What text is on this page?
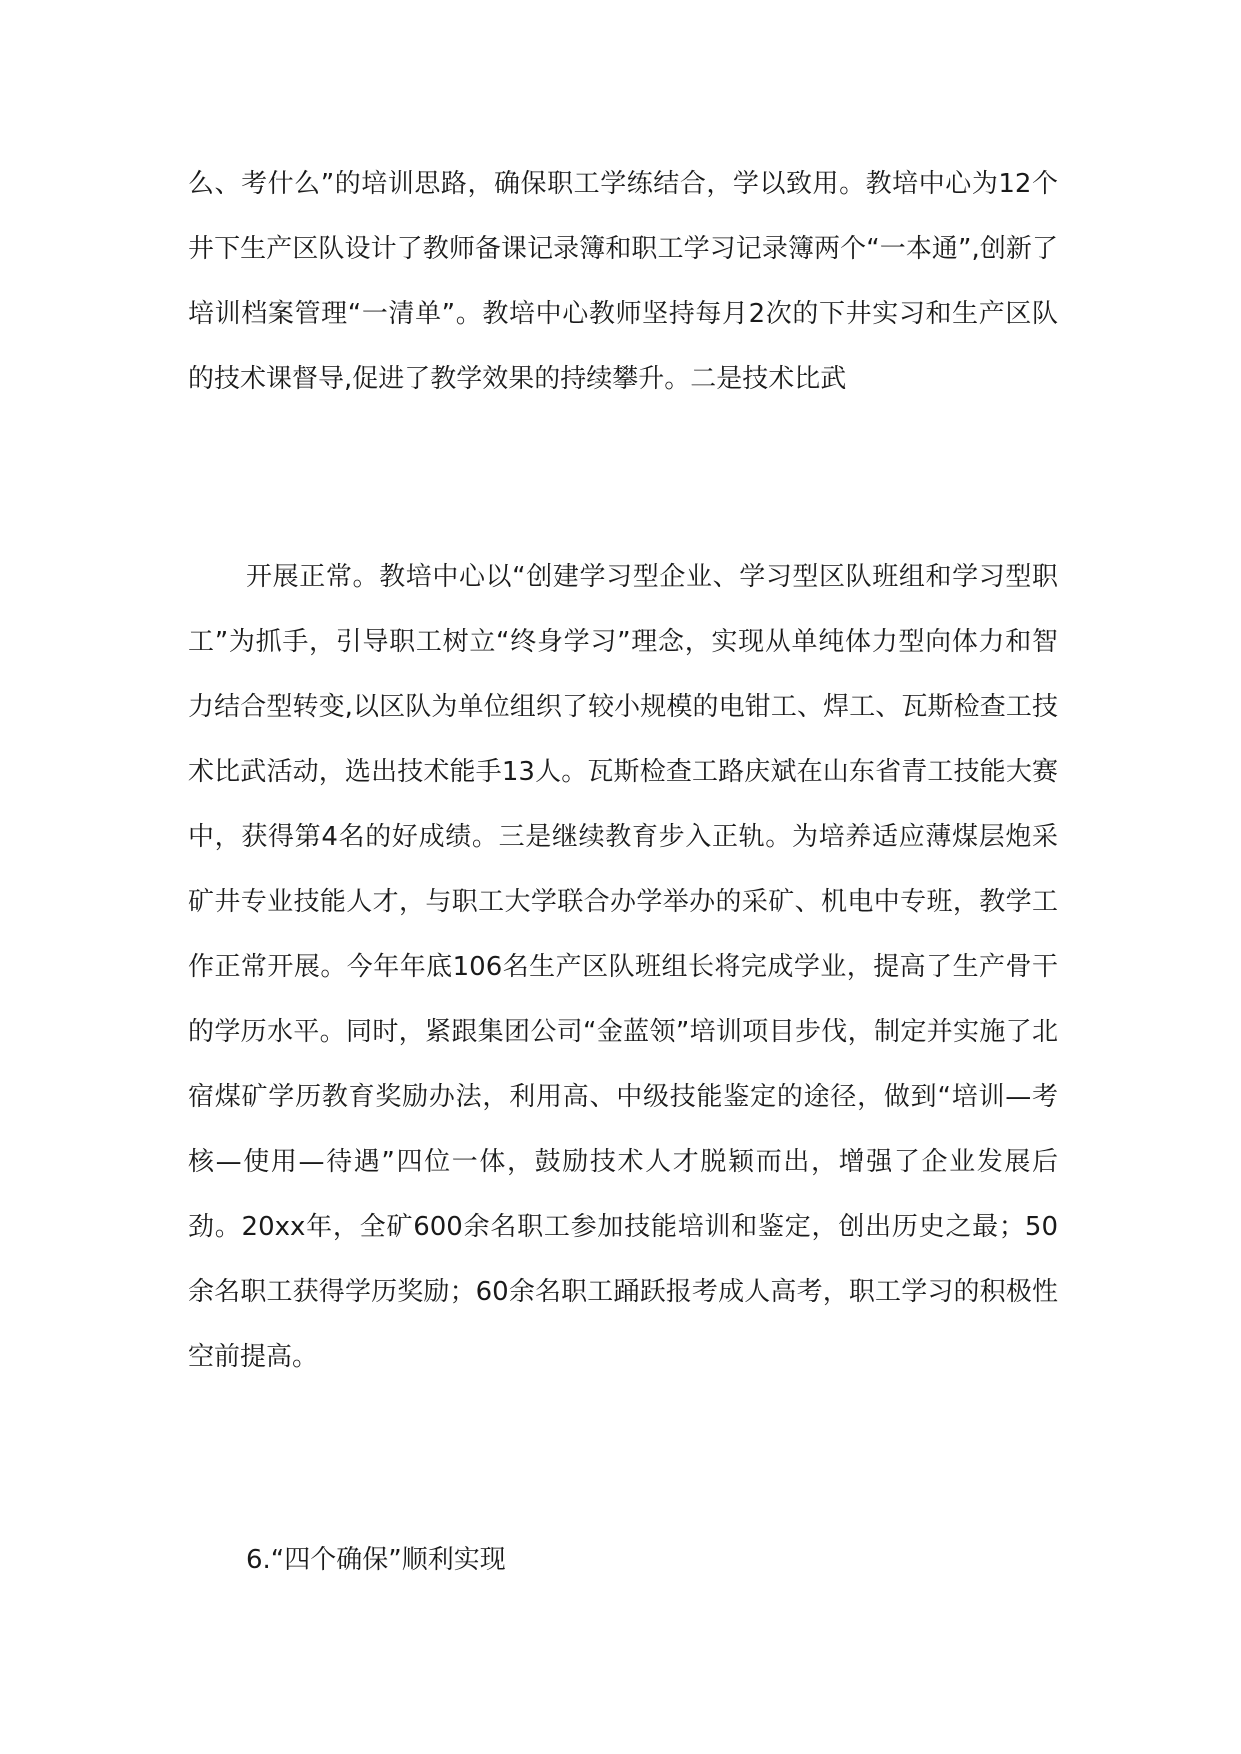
么、考什么”的培训思路，确保职工学练结合，学以致用。教培中心为12个井下生产区队设计了教师备课记录簿和职工学习记录簿两个“一本通”,创新了培训档案管理“一清单”。教培中心教师坚持每月2次的下井实习和生产区队的技术课督导,促进了教学效果的持续攀升。二是技术比武

开展正常。教培中心以“创建学习型企业、学习型区队班组和学习型职工”为抓手，引导职工树立“终身学习”理念，实现从单纯体力型向体力和智力结合型转变,以区队为单位组织了较小规模的电钳工、焊工、瓦斯检查工技术比武活动，选出技术能手13人。瓦斯检查工路庆斌在山东省青工技能大赛中，获得第4名的好成绩。三是继续教育步入正轨。为培养适应薄煤层炮采矿井专业技能人才，与职工大学联合办学举办的采矿、机电中专班，教学工作正常开展。今年年底106名生产区队班组长将完成学业，提高了生产骨干的学历水平。同时，紧跟集团公司“金蓝领”培训项目步伐，制定并实施了北宿煤矿学历教育奖励办法，利用高、中级技能鉴定的途径，做到“培训—考核—使用—待遇”四位一体，鼓励技术人才脱颖而出，增强了企业发展后劲。20xx年，全矿600余名职工参加技能培训和鉴定，创出历史之最；50余名职工获得学历奖励；60余名职工踊跃报考成人高考，职工学习的积极性空前提高。

6.“四个确保”顺利实现
